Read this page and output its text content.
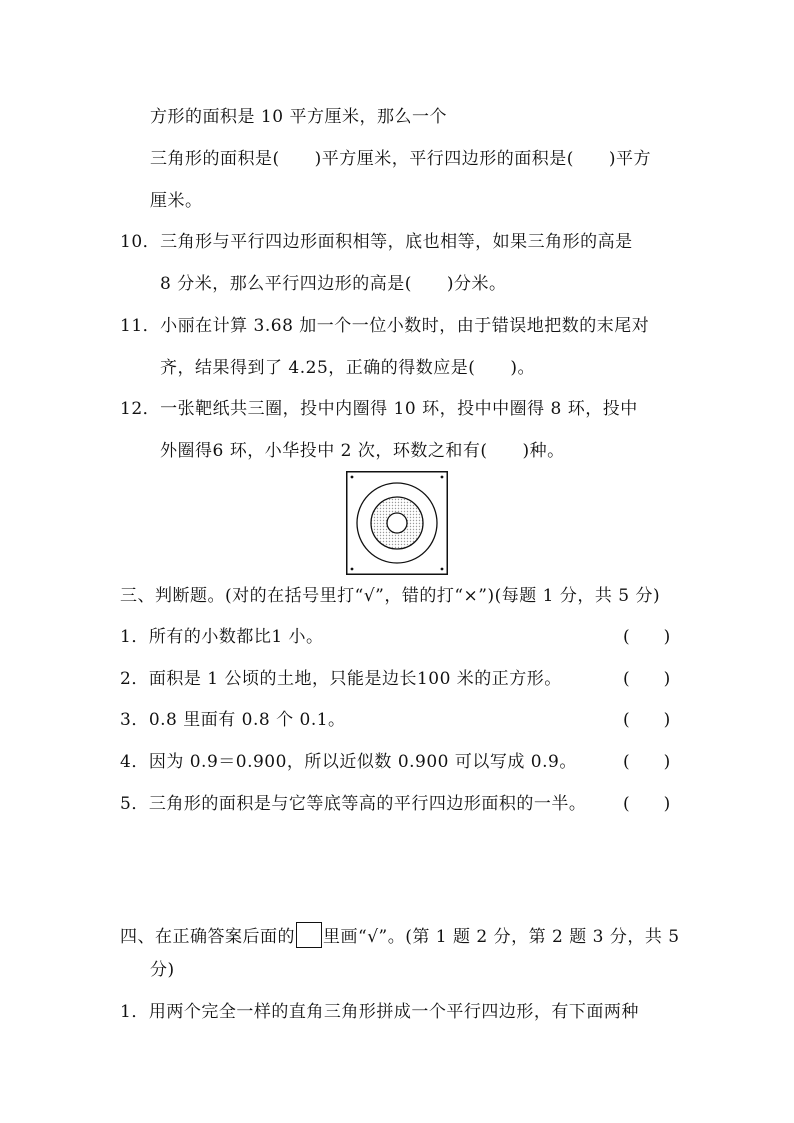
方形的面积是 10 平方厘米，那么一个
三角形的面积是(　　)平方厘米，平行四边形的面积是(　　)平方
厘米。
10．三角形与平行四边形面积相等，底也相等，如果三角形的高是
8 分米，那么平行四边形的高是(　　)分米。
11．小丽在计算 3.68 加一个一位小数时，由于错误地把数的末尾对
齐，结果得到了 4.25，正确的得数应是(　　)。
12．一张靶纸共三圈，投中内圈得 10 环，投中中圈得 8 环，投中
外圈得6 环，小华投中 2 次，环数之和有(　　)种。
三、判断题。(对的在括号里打“√”，错的打“×”)(每题 1 分，共 5 分)
1．所有的小数都比1 小。	(　　)
2．面积是 1 公顷的土地，只能是边长100 米的正方形。	(　　)
3．0.8 里面有 0.8 个 0.1。	(　　)
4．因为 0.9＝0.900，所以近似数 0.900 可以写成 0.9。	(　　)
5．三角形的面积是与它等底等高的平行四边形面积的一半。 (　　)
四、在正确答案后面的 里画“√”。(第 1 题 2 分，第 2 题 3 分，共 5
分)
1．用两个完全一样的直角三角形拼成一个平行四边形，有下面两种
